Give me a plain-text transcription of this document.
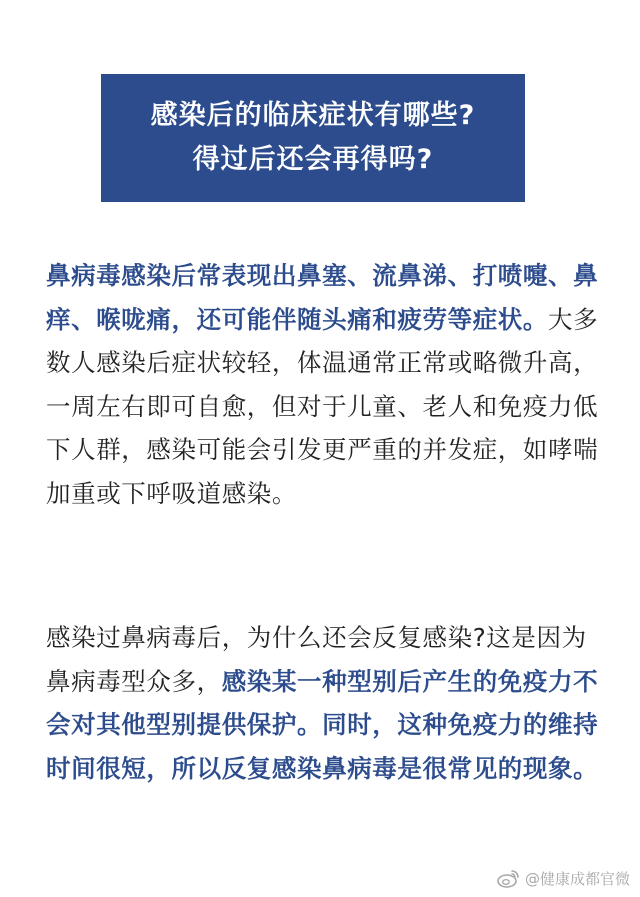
感染后的临床症状有哪些?
得过后还会再得吗?

鼻病毒感染后常表现出鼻塞、流鼻涕、打喷嚏、鼻痒、喉咙痛，还可能伴随头痛和疲劳等症状。大多数人感染后症状较轻，体温通常正常或略微升高，一周左右即可自愈，但对于儿童、老人和免疫力低下人群，感染可能会引发更严重的并发症，如哮喘加重或下呼吸道感染。

感染过鼻病毒后，为什么还会反复感染?这是因为鼻病毒型众多，感染某一种型别后产生的免疫力不会对其他型别提供保护。同时，这种免疫力的维持时间很短，所以反复感染鼻病毒是很常见的现象。

@健康成都官微
